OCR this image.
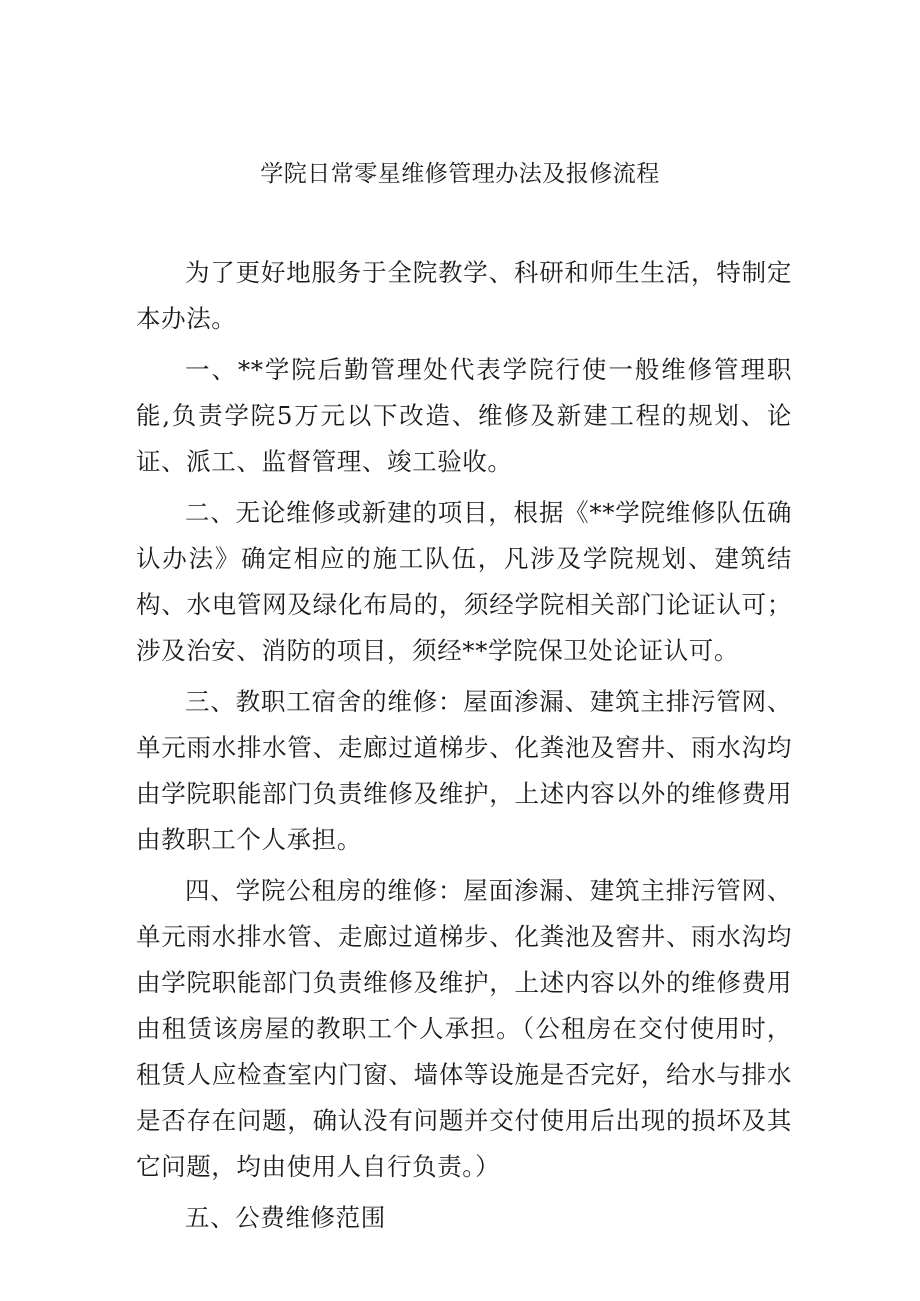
学院日常零星维修管理办法及报修流程

为了更好地服务于全院教学、科研和师生生活，特制定本办法。

一、**学院后勤管理处代表学院行使一般维修管理职能,负责学院5万元以下改造、维修及新建工程的规划、论证、派工、监督管理、竣工验收。

二、无论维修或新建的项目，根据《**学院维修队伍确认办法》确定相应的施工队伍，凡涉及学院规划、建筑结构、水电管网及绿化布局的，须经学院相关部门论证认可；涉及治安、消防的项目，须经**学院保卫处论证认可。

三、教职工宿舍的维修：屋面渗漏、建筑主排污管网、单元雨水排水管、走廊过道梯步、化粪池及窖井、雨水沟均由学院职能部门负责维修及维护，上述内容以外的维修费用由教职工个人承担。

四、学院公租房的维修：屋面渗漏、建筑主排污管网、单元雨水排水管、走廊过道梯步、化粪池及窖井、雨水沟均由学院职能部门负责维修及维护，上述内容以外的维修费用由租赁该房屋的教职工个人承担。（公租房在交付使用时，租赁人应检查室内门窗、墙体等设施是否完好，给水与排水是否存在问题，确认没有问题并交付使用后出现的损坏及其它问题，均由使用人自行负责。）

五、公费维修范围
